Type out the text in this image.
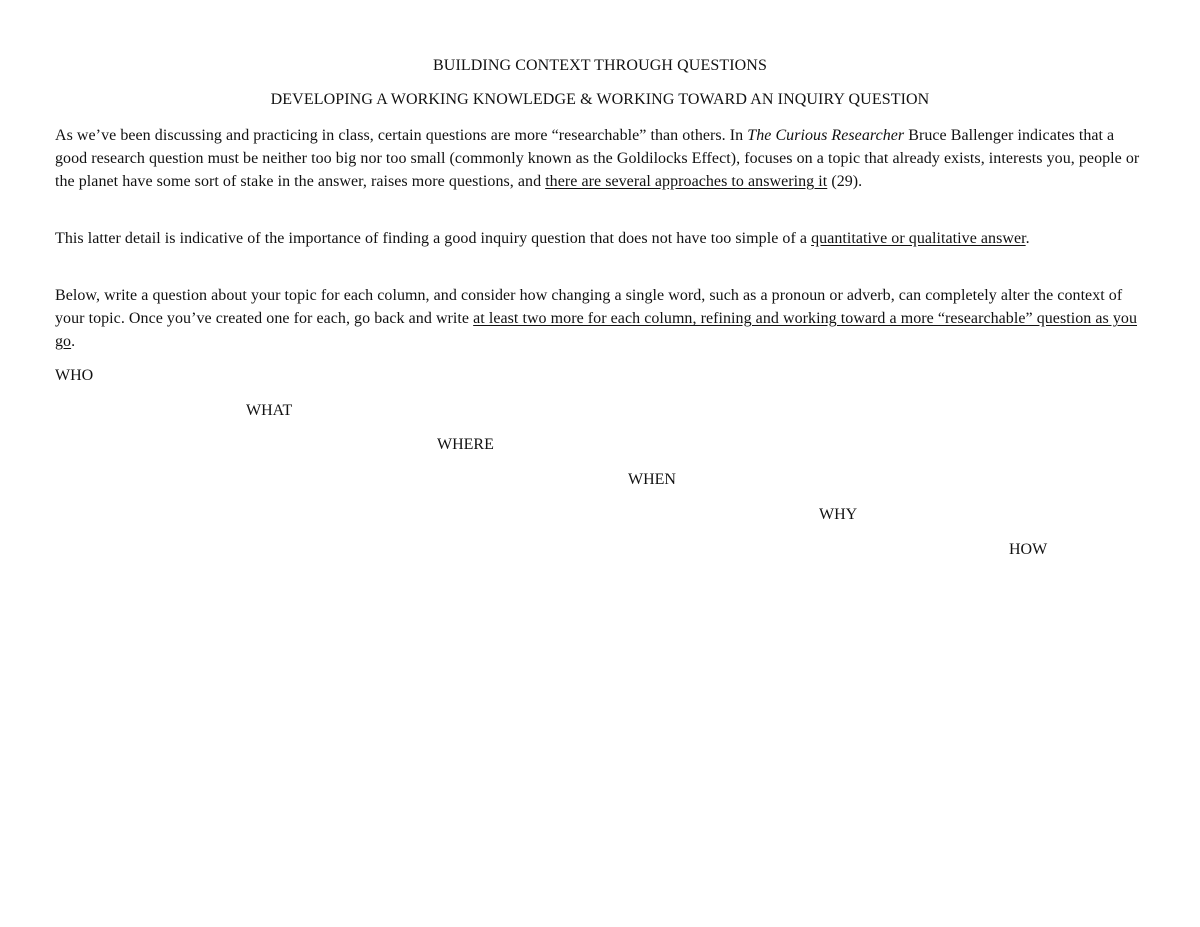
BUILDING CONTEXT THROUGH QUESTIONS
DEVELOPING A WORKING KNOWLEDGE & WORKING TOWARD AN INQUIRY QUESTION
As we’ve been discussing and practicing in class, certain questions are more “researchable” than others. In The Curious Researcher Bruce Ballenger indicates that a good research question must be neither too big nor too small (commonly known as the Goldilocks Effect), focuses on a topic that already exists, interests you, people or the planet have some sort of stake in the answer, raises more questions, and there are several approaches to answering it (29).
This latter detail is indicative of the importance of finding a good inquiry question that does not have too simple of a quantitative or qualitative answer.
Below, write a question about your topic for each column, and consider how changing a single word, such as a pronoun or adverb, can completely alter the context of your topic. Once you’ve created one for each, go back and write at least two more for each column, refining and working toward a more “researchable” question as you go.
WHO
WHAT
WHERE
WHEN
WHY
HOW
